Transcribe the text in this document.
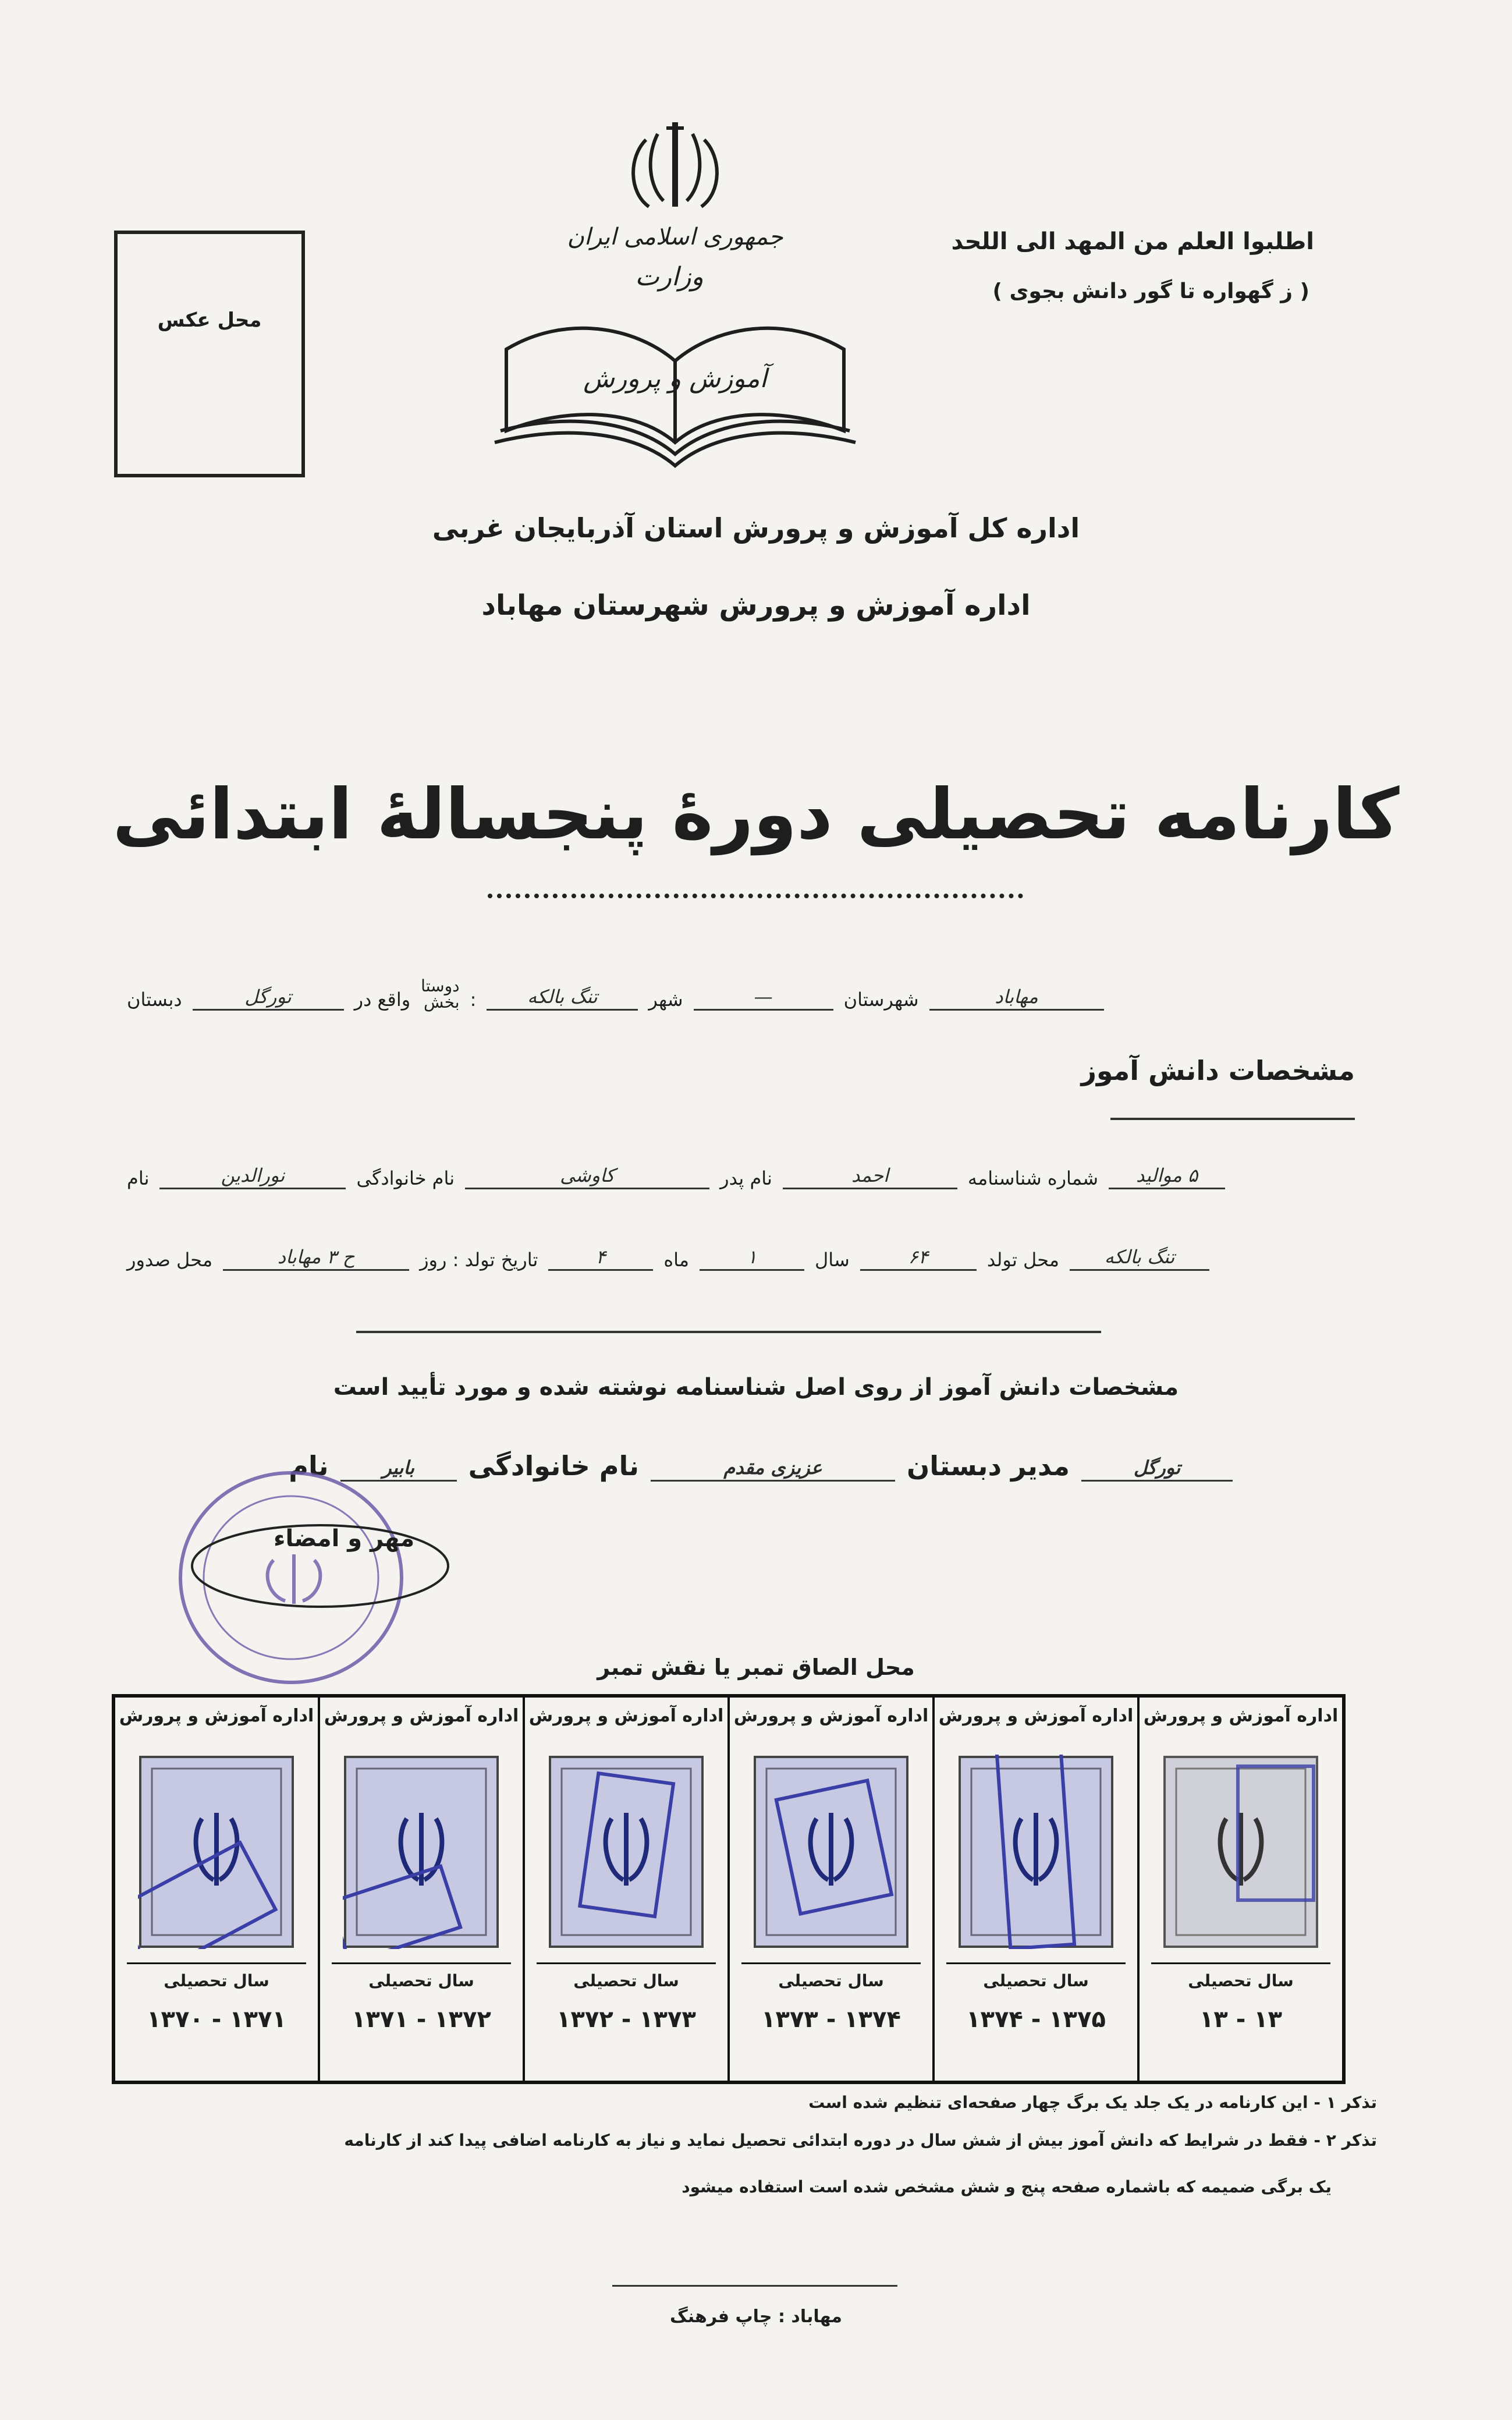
محل عکس
اطلبوا العلم من المهد الی اللحد
( ز گهواره تا گور دانش بجوی )
جمهوری اسلامی ایران
وزارت
آموزش و پرورش
اداره کل آموزش و پرورش استان آذربایجان غربی
اداره آموزش و پرورش شهرستان مهاباد
کارنامه تحصیلی دورهٔ پنجسالهٔ ابتدائی
دبستان	تورگل	واقع در
دوستا
بخش :	تنگ بالکه	شهر	—	شهرستان	مهاباد
مشخصات دانش آموز
نام	نورالدین	نام خانوادگی	کاوشی	نام پدر	احمد	شماره شناسنامه	۵ موالید
محل صدور	ح ۳ مهاباد	تاریخ تولد : روز	۴	ماه	۱	سال	۶۴	محل تولد	تنگ بالکه
مشخصات دانش آموز از روی اصل شناسنامه نوشته شده و مورد تأیید است
نام	بابیر	نام خانوادگی	عزیزی مقدم	مدیر دبستان	تورگل
مهر و امضاء
محل الصاق تمبر یا نقش تمبر
اداره آموزش و پرورش
سال تحصیلی
۱۳ - ۱۳
اداره آموزش و پرورش
سال تحصیلی
۱۳۷۴ - ۱۳۷۵
اداره آموزش و پرورش
سال تحصیلی
۱۳۷۳ - ۱۳۷۴
اداره آموزش و پرورش
سال تحصیلی
۱۳۷۲ - ۱۳۷۳
اداره آموزش و پرورش
سال تحصیلی
۱۳۷۱ - ۱۳۷۲
اداره آموزش و پرورش
سال تحصیلی
۱۳۷۰ - ۱۳۷۱
تذکر ۱ - این کارنامه در یک جلد یک برگ چهار صفحه‌ای تنظیم شده است
تذکر ۲ - فقط در شرایط که دانش آموز بیش از شش سال در دوره ابتدائی تحصیل نماید و نیاز به کارنامه اضافی پیدا کند از کارنامه
یک برگی ضمیمه که باشماره صفحه پنج و شش مشخص شده است استفاده میشود
مهاباد : چاپ فرهنگ
